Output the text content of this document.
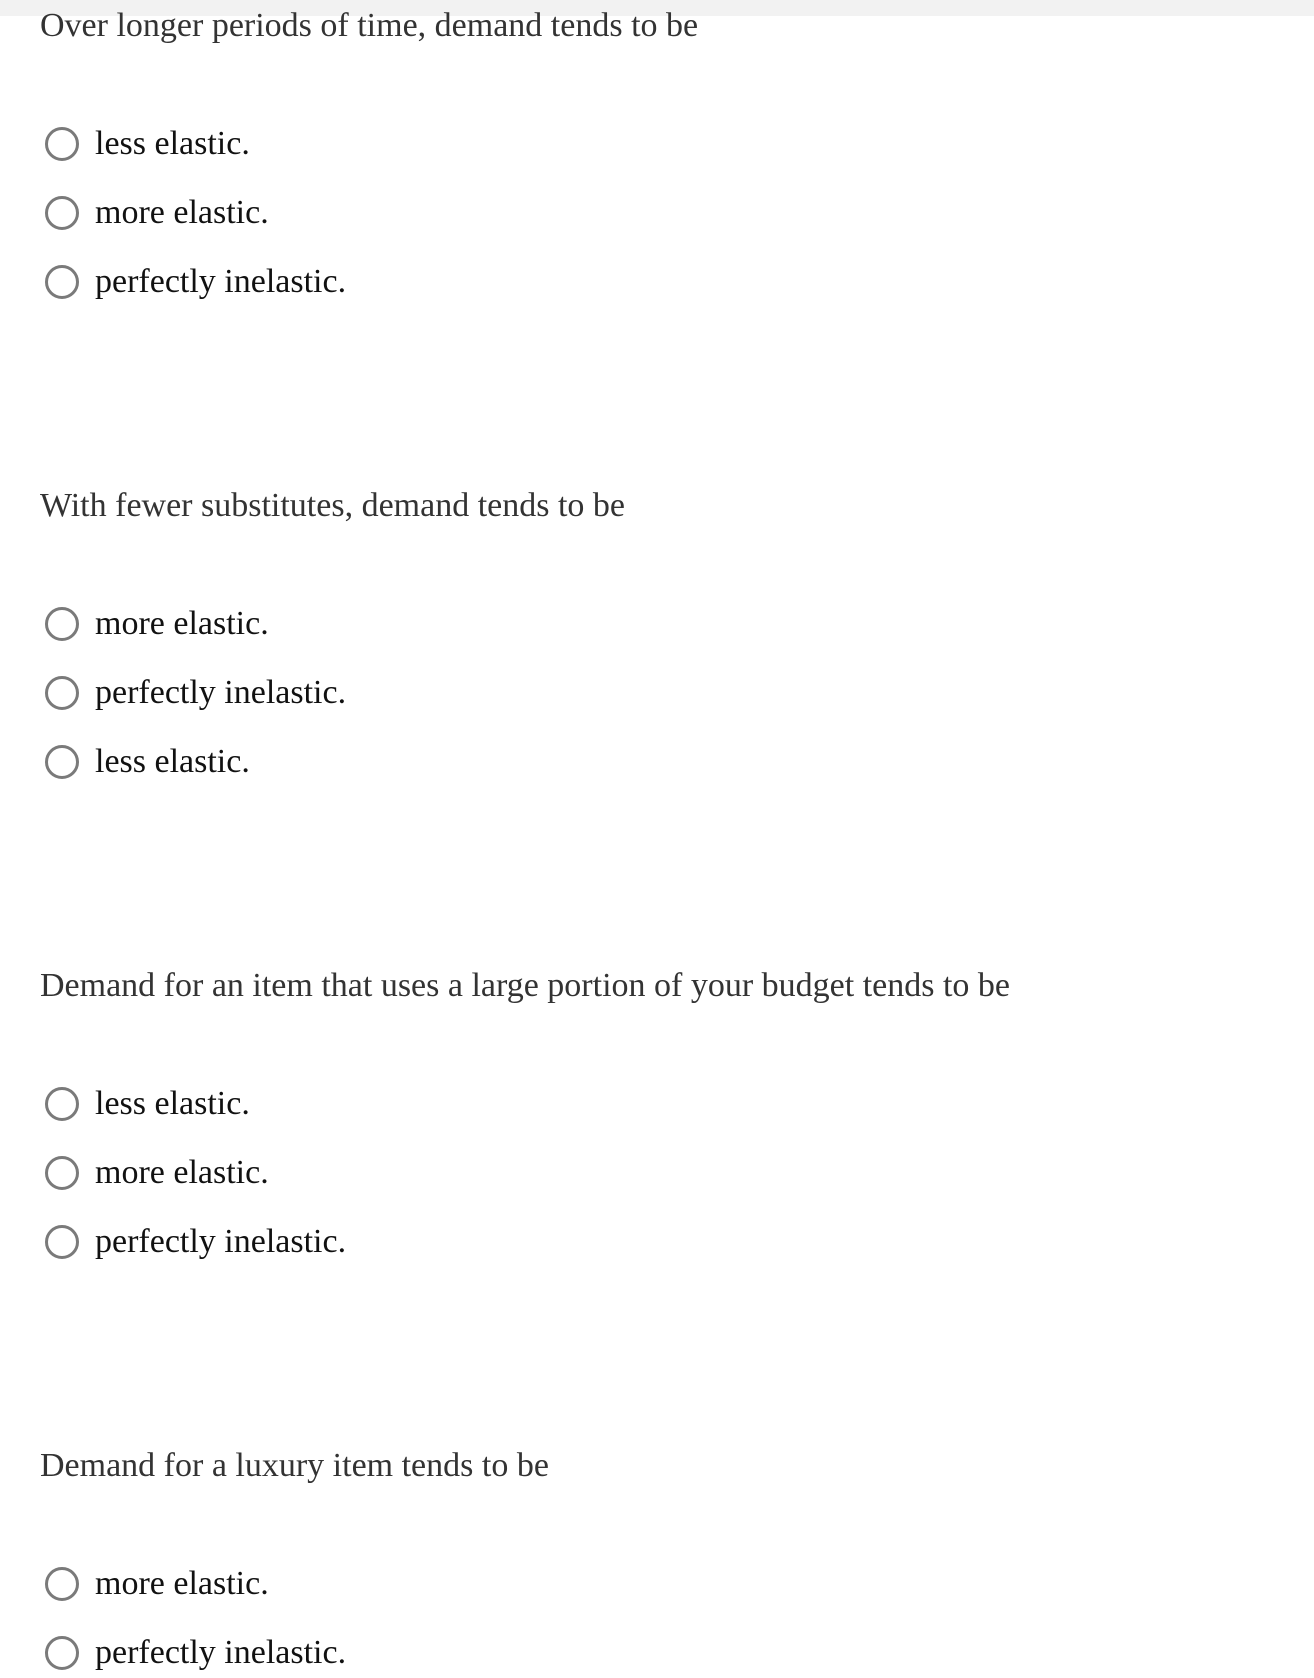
Over longer periods of time, demand tends to be

less elastic.
more elastic.
perfectly inelastic.

With fewer substitutes, demand tends to be

more elastic.
perfectly inelastic.
less elastic.

Demand for an item that uses a large portion of your budget tends to be

less elastic.
more elastic.
perfectly inelastic.

Demand for a luxury item tends to be

more elastic.
perfectly inelastic.
